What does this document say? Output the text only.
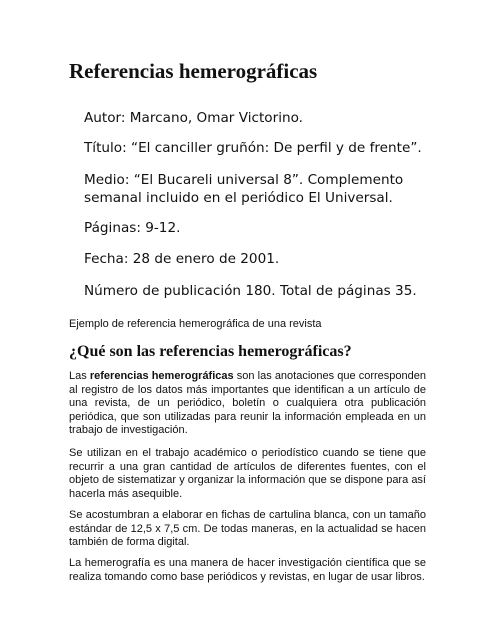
Referencias hemerográficas

Autor: Marcano, Omar Victorino.

Título: “El canciller gruñón: De perfil y de frente”.

Medio: “El Bucareli universal 8”. Complemento semanal incluido en el periódico El Universal.

Páginas: 9-12.

Fecha: 28 de enero de 2001.

Número de publicación 180. Total de páginas 35.

Ejemplo de referencia hemerográfica de una revista

¿Qué son las referencias hemerográficas?

Las referencias hemerográficas son las anotaciones que corresponden al registro de los datos más importantes que identifican a un artículo de una revista, de un periódico, boletín o cualquiera otra publicación periódica, que son utilizadas para reunir la información empleada en un trabajo de investigación.

Se utilizan en el trabajo académico o periodístico cuando se tiene que recurrir a una gran cantidad de artículos de diferentes fuentes, con el objeto de sistematizar y organizar la información que se dispone para así hacerla más asequible.

Se acostumbran a elaborar en fichas de cartulina blanca, con un tamaño estándar de 12,5 x 7,5 cm. De todas maneras, en la actualidad se hacen también de forma digital.

La hemerografía es una manera de hacer investigación científica que se realiza tomando como base periódicos y revistas, en lugar de usar libros.
